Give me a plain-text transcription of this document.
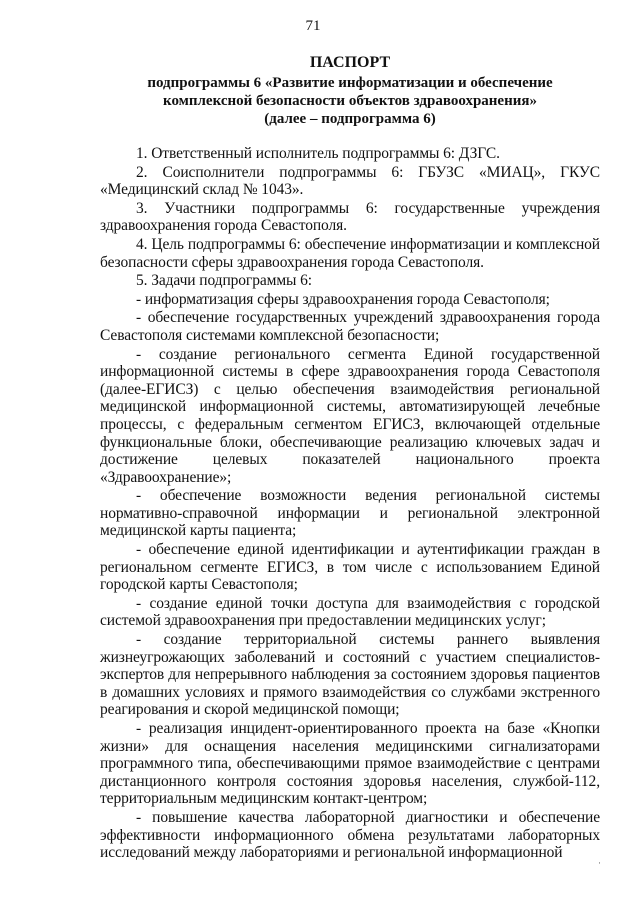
71
ПАСПОРТ
подпрограммы 6 «Развитие информатизации и обеспечение
комплексной безопасности объектов здравоохранения»
(далее – подпрограмма 6)

1. Ответственный исполнитель подпрограммы 6: ДЗГС.

2. Соисполнители подпрограммы 6: ГБУЗС «МИАЦ», ГКУС «Медицинский склад № 1043».

3. Участники подпрограммы 6: государственные учреждения здравоохранения города Севастополя.

4. Цель подпрограммы 6: обеспечение информатизации и комплексной безопасности сферы здравоохранения города Севастополя.

5. Задачи подпрограммы 6:

- информатизация сферы здравоохранения города Севастополя;

- обеспечение государственных учреждений здравоохранения города Севастополя системами комплексной безопасности;

- создание регионального сегмента Единой государственной информационной системы в сфере здравоохранения города Севастополя (далее-ЕГИСЗ) с целью обеспечения взаимодействия региональной медицинской информационной системы, автоматизирующей лечебные процессы, с федеральным сегментом ЕГИСЗ, включающей отдельные функциональные блоки, обеспечивающие реализацию ключевых задач и достижение целевых показателей национального проекта «Здравоохранение»;

- обеспечение возможности ведения региональной системы нормативно-справочной информации и региональной электронной медицинской карты пациента;

- обеспечение единой идентификации и аутентификации граждан в региональном сегменте ЕГИСЗ, в том числе с использованием Единой городской карты Севастополя;

- создание единой точки доступа для взаимодействия с городской системой здравоохранения при предоставлении медицинских услуг;

- создание территориальной системы раннего выявления жизнеугрожающих заболеваний и состояний с участием специалистов-экспертов для непрерывного наблюдения за состоянием здоровья пациентов в домашних условиях и прямого взаимодействия со службами экстренного реагирования и скорой медицинской помощи;

- реализация инцидент-ориентированного проекта на базе «Кнопки жизни» для оснащения населения медицинскими сигнализаторами программного типа, обеспечивающими прямое взаимодействие с центрами дистанционного контроля состояния здоровья населения, службой-112, территориальным медицинским контакт-центром;

- повышение качества лабораторной диагностики и обеспечение эффективности информационного обмена результатами лабораторных исследований между лабораториями и региональной информационной

·
